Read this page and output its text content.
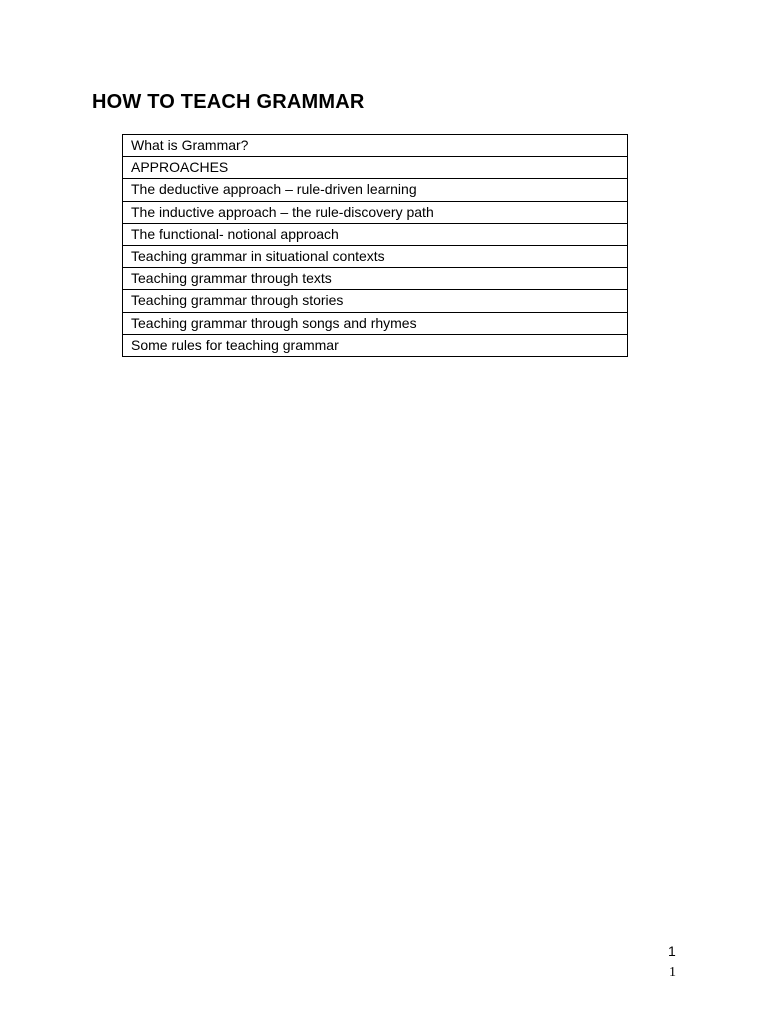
HOW TO TEACH GRAMMAR
What is Grammar?
APPROACHES
The deductive approach – rule-driven learning
The inductive approach – the rule-discovery path
The functional- notional approach
Teaching grammar in situational contexts
Teaching grammar through texts
Teaching grammar through stories
Teaching grammar through songs and rhymes
Some rules for teaching grammar
1
1
